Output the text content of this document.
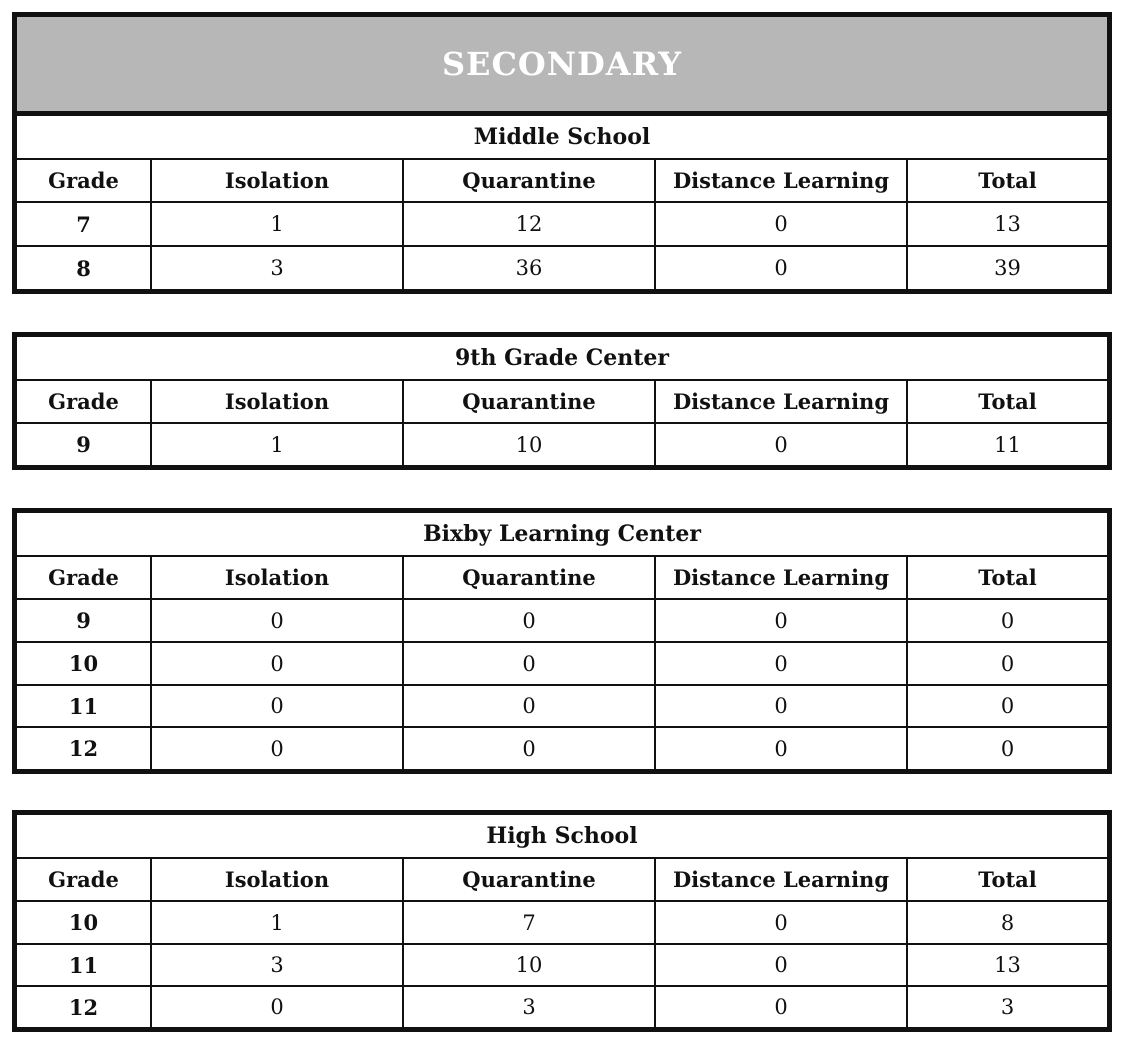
SECONDARY
Middle School				
Grade	Isolation	Quarantine	Distance Learning	Total
7	1	12	0	13
8	3	36	0	39
9th Grade Center				
Grade	Isolation	Quarantine	Distance Learning	Total
9	1	10	0	11
Bixby Learning Center				
Grade	Isolation	Quarantine	Distance Learning	Total
9	0	0	0	0
10	0	0	0	0
11	0	0	0	0
12	0	0	0	0
High School				
Grade	Isolation	Quarantine	Distance Learning	Total
10	1	7	0	8
11	3	10	0	13
12	0	3	0	3
